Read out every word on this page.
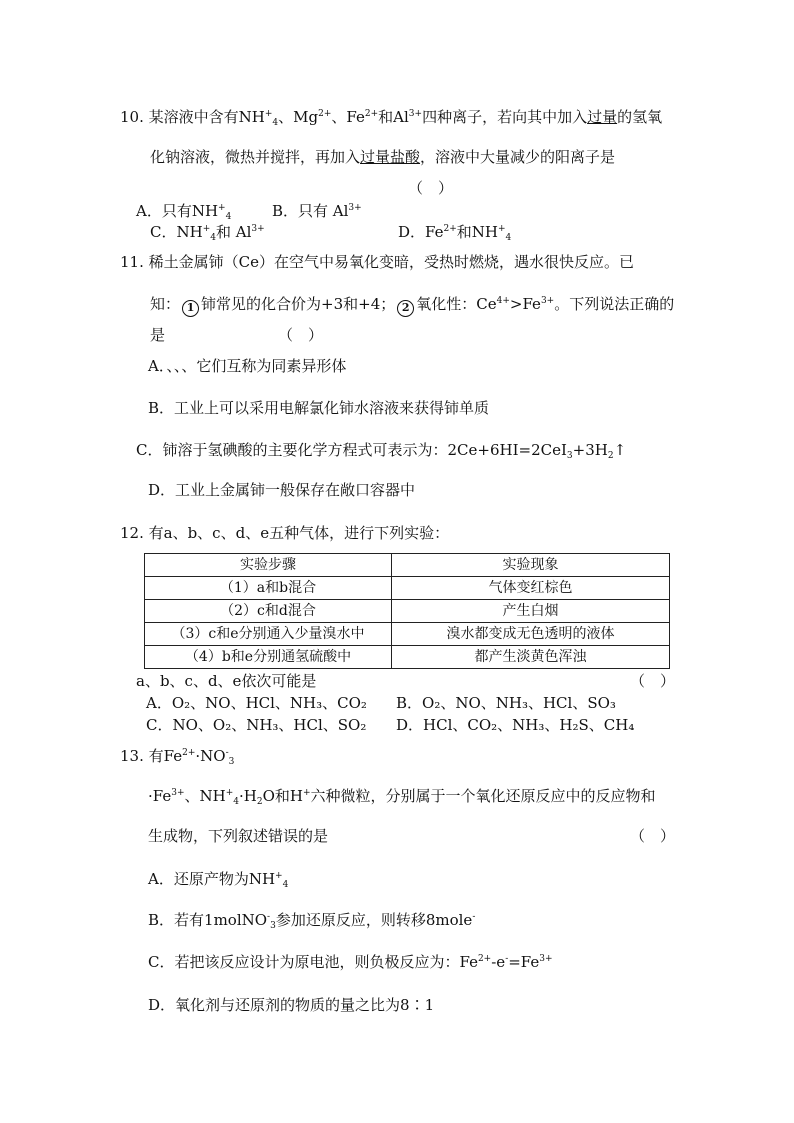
10. 某溶液中含有$NH^+_4$、$Mg^{2+}$、$Fe^{2+}$和$Al^{3+}$四种离子，若向其中加入过量的氢氧
化钠溶液，微热并搅拌，再加入过量盐酸，溶液中大量减少的阳离子是
（　）
A．只有$NH^+_4$	B．只有 $Al^{3+}$
C．$NH^+_4$和 $Al^{3+}$	D．$Fe^{2+}$和$NH^+_4$
11. 稀土金属铈（Ce）在空气中易氧化变暗，受热时燃烧，遇水很快反应。已
知： 1 铈常见的化合价为+3和+4； 2 氧化性：$Ce^{4+}>Fe^{3+}$。下列说法正确的
是	（　）
A．、、、它们互称为同素异形体
B．工业上可以采用电解氯化铈水溶液来获得铈单质
C．铈溶于氢碘酸的主要化学方程式可表示为：$2Ce+6HI=2CeI_3+3H_2↑$
D．工业上金属铈一般保存在敞口容器中
12. 有a、b、c、d、e五种气体，进行下列实验：
实验步骤	实验现象
（1）a和b混合	气体变红棕色
（2）c和d混合	产生白烟
（3）c和e分别通入少量溴水中	溴水都变成无色透明的液体
（4）b和e分别通氢硫酸中	都产生淡黄色浑浊
a、b、c、d、e依次可能是	（　）
A．O₂、NO、HCl、NH₃、CO₂ B．O₂、NO、NH₃、HCl、SO₃
C．NO、O₂、NH₃、HCl、SO₂ D．HCl、CO₂、NH₃、H₂S、CH₄
13. 有$Fe^{2+}\cdot NO^-_3$
$\cdot Fe^{3+}$、$NH^+_4\cdot H_2O$和H+六种微粒，分别属于一个氧化还原反应中的反应物和
生成物，下列叙述错误的是	（　）
A．还原产物为$NH^+_4$
B．若有1molNO-$_3$参加还原反应，则转移8mole-
C．若把该反应设计为原电池，则负极反应为：$Fe^{2+}-e^-=Fe^{3+}$
D．氧化剂与还原剂的物质的量之比为8∶1
